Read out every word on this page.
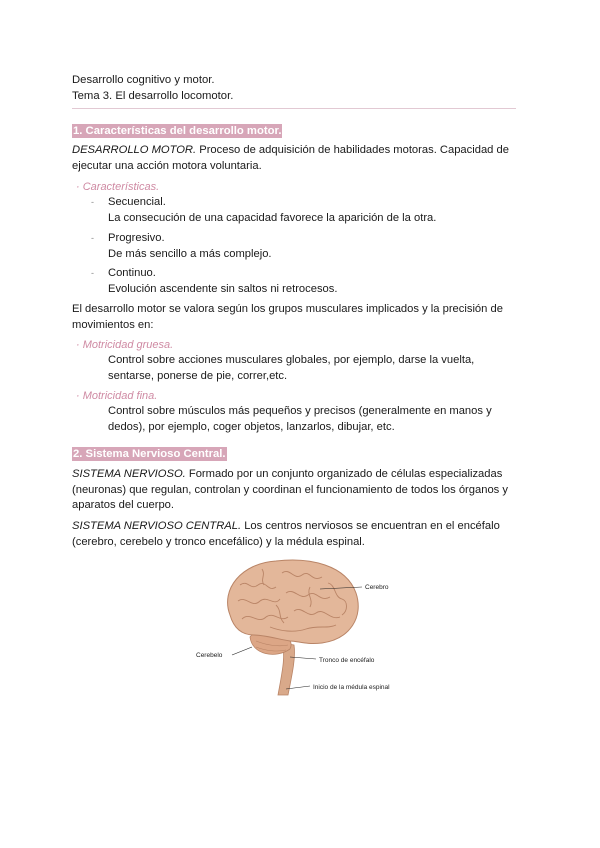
Desarrollo cognitivo y motor.
Tema 3. El desarrollo locomotor.
1. Características del desarrollo motor.
DESARROLLO MOTOR. Proceso de adquisición de habilidades motoras. Capacidad de ejecutar una acción motora voluntaria.
· Características.
- Secuencial.
La consecución de una capacidad favorece la aparición de la otra.
- Progresivo.
De más sencillo a más complejo.
- Continuo.
Evolución ascendente sin saltos ni retrocesos.
El desarrollo motor se valora según los grupos musculares implicados y la precisión de movimientos en:
· Motricidad gruesa.
Control sobre acciones musculares globales, por ejemplo, darse la vuelta, sentarse, ponerse de pie, correr,etc.
· Motricidad fina.
Control sobre músculos más pequeños y precisos (generalmente en manos y dedos), por ejemplo, coger objetos, lanzarlos, dibujar, etc.
2. Sistema Nervioso Central.
SISTEMA NERVIOSO. Formado por un conjunto organizado de células especializadas (neuronas) que regulan, controlan y coordinan el funcionamiento de todos los órganos y aparatos del cuerpo.
SISTEMA NERVIOSO CENTRAL. Los centros nerviosos se encuentran en el encéfalo (cerebro, cerebelo y tronco encefálico) y la médula espinal.
Cerebro
Cerebelo
Tronco de encéfalo
Inicio de la médula espinal
